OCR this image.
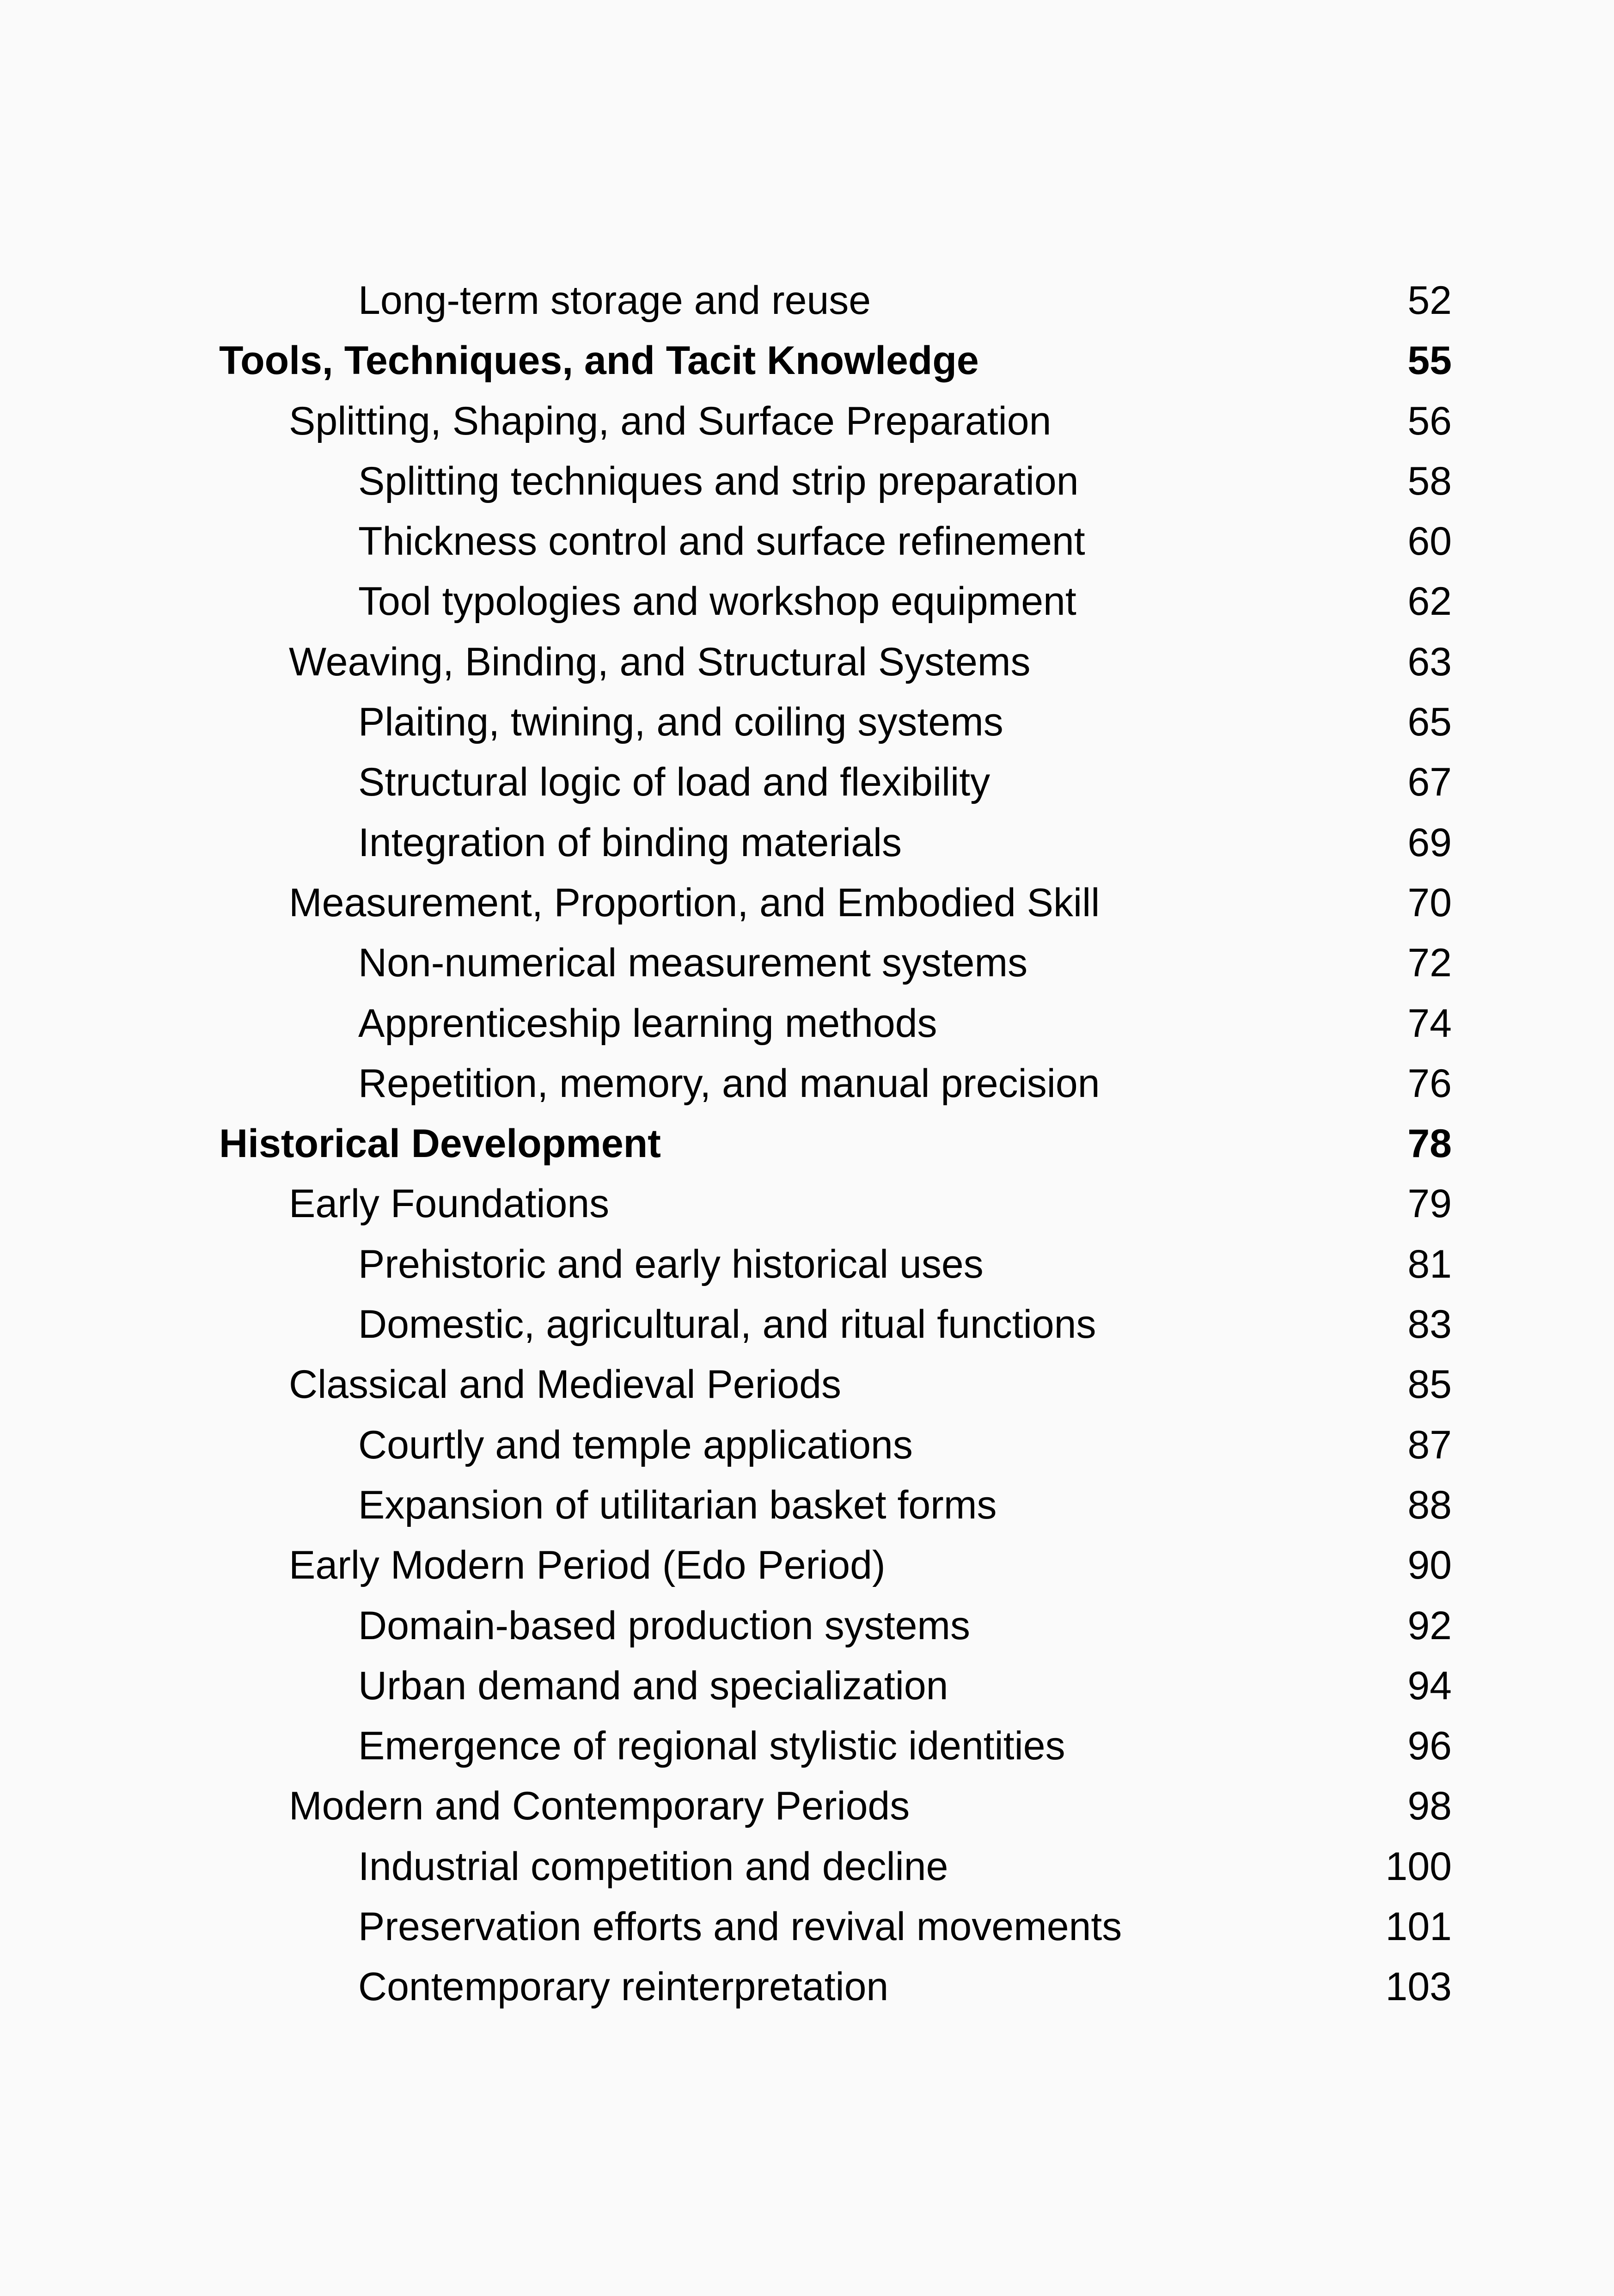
Long-term storage and reuse	52
Tools, Techniques, and Tacit Knowledge	55
Splitting, Shaping, and Surface Preparation	56
Splitting techniques and strip preparation	58
Thickness control and surface refinement	60
Tool typologies and workshop equipment	62
Weaving, Binding, and Structural Systems	63
Plaiting, twining, and coiling systems	65
Structural logic of load and flexibility	67
Integration of binding materials	69
Measurement, Proportion, and Embodied Skill	70
Non-numerical measurement systems	72
Apprenticeship learning methods	74
Repetition, memory, and manual precision	76
Historical Development	78
Early Foundations	79
Prehistoric and early historical uses	81
Domestic, agricultural, and ritual functions	83
Classical and Medieval Periods	85
Courtly and temple applications	87
Expansion of utilitarian basket forms	88
Early Modern Period (Edo Period)	90
Domain-based production systems	92
Urban demand and specialization	94
Emergence of regional stylistic identities	96
Modern and Contemporary Periods	98
Industrial competition and decline	100
Preservation efforts and revival movements	101
Contemporary reinterpretation	103
